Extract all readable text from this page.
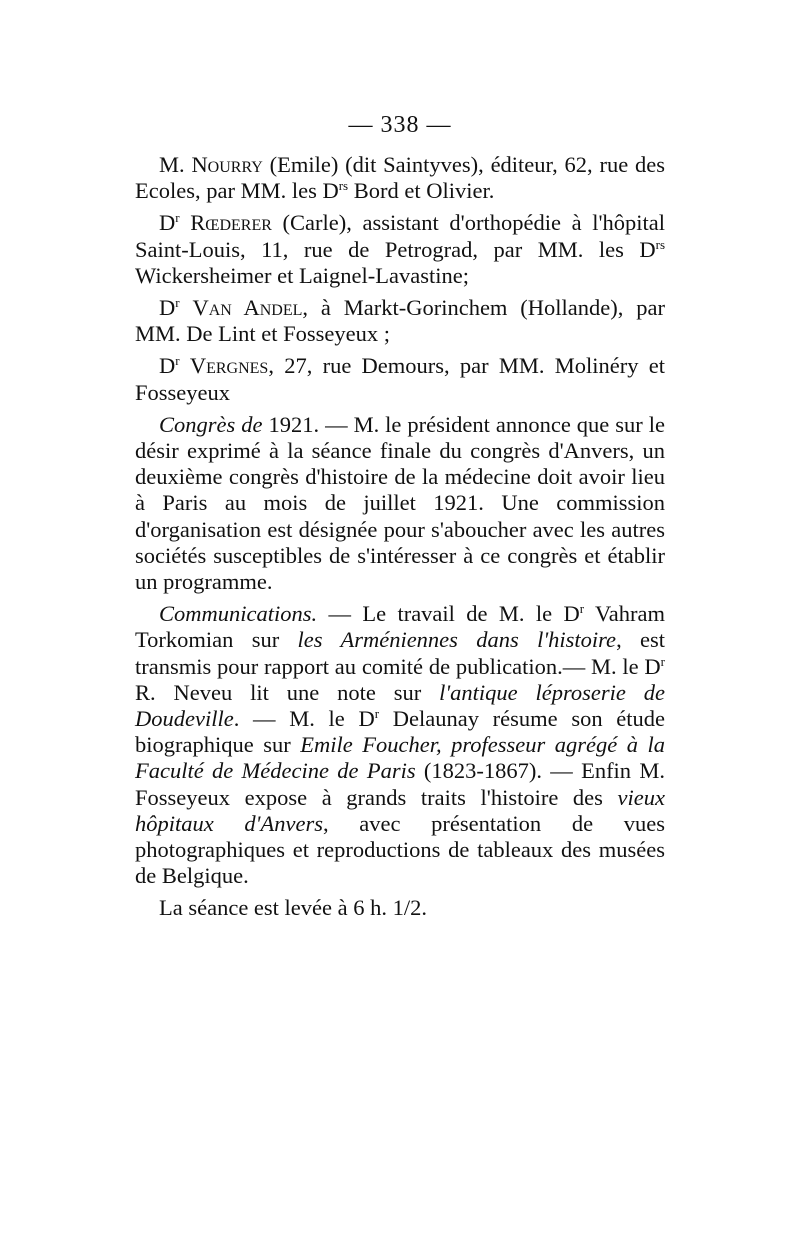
— 338 —

M. Nourry (Emile) (dit Saintyves), éditeur, 62, rue des Ecoles, par MM. les $D^{rs}$ Bord et Olivier.

$D^r$ Rœderer (Carle), assistant d'orthopédie à l'hôpital Saint-Louis, 11, rue de Petrograd, par MM. les $D^{rs}$ Wickersheimer et Laignel-Lavastine;

$D^r$ Van Andel, à Markt-Gorinchem (Hollande), par MM. De Lint et Fosseyeux ;

$D^r$ Vergnes, 27, rue Demours, par MM. Molinéry et Fosseyeux

Congrès de 1921. — M. le président annonce que sur le désir exprimé à la séance finale du congrès d'Anvers, un deuxième congrès d'histoire de la médecine doit avoir lieu à Paris au mois de juillet 1921. Une commission d'organisation est désignée pour s'aboucher avec les autres sociétés susceptibles de s'intéresser à ce congrès et établir un programme.

Communications. — Le travail de M. le $D^r$ Vahram Torkomian sur les Arméniennes dans l'histoire, est transmis pour rapport au comité de publication.— M. le $D^r$ R. Neveu lit une note sur l'antique léproserie de Doudeville. — M. le $D^r$ Delaunay résume son étude biographique sur Emile Foucher, professeur agrégé à la Faculté de Médecine de Paris (1823-1867). — Enfin M. Fosseyeux expose à grands traits l'histoire des vieux hôpitaux d'Anvers, avec présentation de vues photographiques et reproductions de tableaux des musées de Belgique.

La séance est levée à 6 h. 1/2.
